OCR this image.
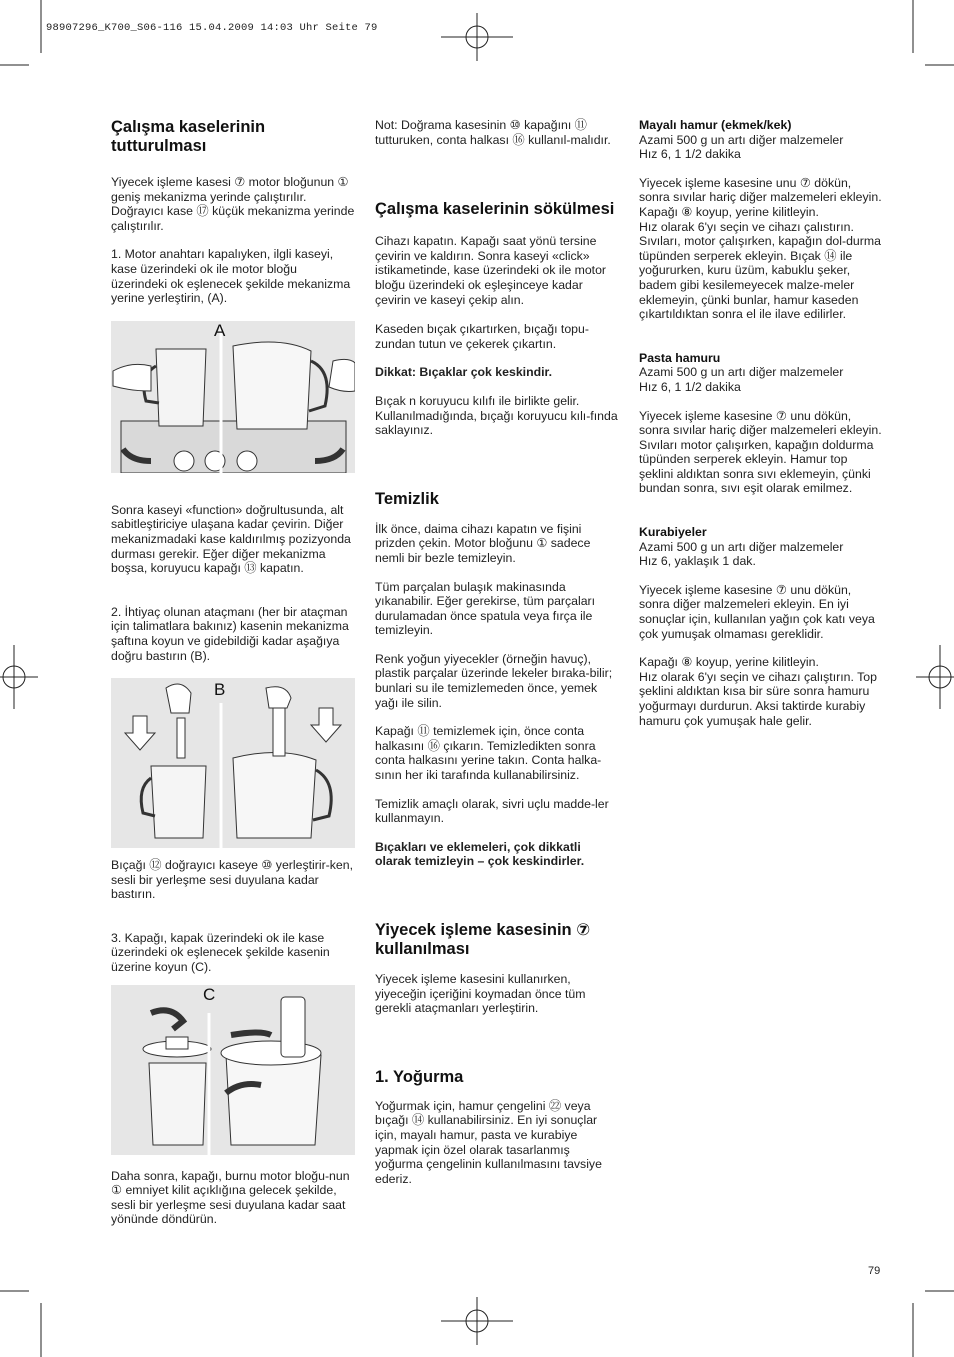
98907296_K700_S06-116 15.04.2009 14:03 Uhr Seite 79
Çalışma kaselerinin tutturulması

Yiyecek işleme kasesi ⑦ motor bloğunun ① geniş mekanizma yerinde çalıştırılır. Doğrayıcı kase ⑰ küçük mekanizma yerinde çalıştırılır.

1. Motor anahtarı kapalıyken, ilgli kaseyi, kase üzerindeki ok ile motor bloğu üzerindeki ok eşlenecek şekilde mekanizma yerine yerleştirin, (A).

A

Sonra kaseyi «function» doğrultusunda, alt sabitleştiriciye ulaşana kadar çevirin. Diğer mekanizmadaki kase kaldırılmış pozizyonda durması gerekir. Eğer diğer mekanizma boşsa, koruyucu kapağı ⑬ kapatın.

2. İhtiyaç olunan ataçmanı (her bir ataçman için talimatlara bakınız) kasenin mekanizma şaftına koyun ve gidebildiği kadar aşağıya doğru bastırın (B).

B

Bıçağı ⑫ doğrayıcı kaseye ⑩ yerleştirir-ken, sesli bir yerleşme sesi duyulana kadar bastırın.

3. Kapağı, kapak üzerindeki ok ile kase üzerindeki ok eşlenecek şekilde kasenin üzerine koyun (C).

C

Daha sonra, kapağı, burnu motor bloğu-nun ① emniyet kilit açıklığına gelecek şekilde, sesli bir yerleşme sesi duyulana kadar saat yönünde döndürün.

Not: Doğrama kasesinin ⑩ kapağını ⑪ tutturuken, conta halkası ⑯ kullanıl-malıdır.

Çalışma kaselerinin sökülmesi

Cihazı kapatın. Kapağı saat yönü tersine çevirin ve kaldırın. Sonra kaseyi «click» istikametinde, kase üzerindeki ok ile motor bloğu üzerindeki ok eşleşinceye kadar çevirin ve kaseyi çekip alın.

Kaseden bıçak çıkartırken, bıçağı topu-zundan tutun ve çekerek çıkartın.

Dikkat: Bıçaklar çok keskindir.

Bıçak n koruyucu kılıfı ile birlikte gelir. Kullanılmadığında, bıçağı koruyucu kılı-fında saklayınız.

Temizlik

İlk önce, daima cihazı kapatın ve fişini prizden çekin. Motor bloğunu ① sadece nemli bir bezle temizleyin.

Tüm parçalan bulaşık makinasında yıkanabilir. Eğer gerekirse, tüm parçaları durulamadan önce spatula veya fırça ile temizleyin.

Renk yoğun yiyecekler (örneğin havuç), plastik parçalar üzerinde lekeler bıraka-bilir; bunlari su ile temizlemeden önce, yemek yağı ile silin.

Kapağı ⑪ temizlemek için, önce conta halkasını ⑯ çıkarın. Temizledikten sonra conta halkasını yerine takın. Conta halka-sının her iki tarafında kullanabilirsiniz.

Temizlik amaçlı olarak, sivri uçlu madde-ler kullanmayın.

Bıçakları ve eklemeleri, çok dikkatli olarak temizleyin – çok keskindirler.

Yiyecek işleme kasesinin ⑦ kullanılması

Yiyecek işleme kasesini kullanırken, yiyeceğin içeriğini koymadan önce tüm gerekli ataçmanları yerleştirin.

1. Yoğurma

Yoğurmak için, hamur çengelini ㉒ veya bıçağı ⑭ kullanabilirsiniz. En iyi sonuçlar için, mayalı hamur, pasta ve kurabiye yapmak için özel olarak tasarlanmış yoğurma çengelinin kullanılmasını tavsiye ederiz.

Mayalı hamur (ekmek/kek)

Azami 500 g un artı diğer malzemeler

Hız 6, 1 1/2 dakika

Yiyecek işleme kasesine unu ⑦ dökün, sonra sıvılar hariç diğer malzemeleri ekleyin.
Kapağı ⑧ koyup, yerine kilitleyin.
Hız olarak 6'yı seçin ve cihazı çalıstırın. Sıvıları, motor çalışırken, kapağın dol-durma tüpünden serperek ekleyin. Bıçak ⑭ ile yoğururken, kuru üzüm, kabuklu şeker, badem gibi kesilemeyecek malze-meler eklemeyin, çünki bunlar, hamur kaseden çıkartıldıktan sonra el ile ilave edilirler.

Pasta hamuru

Azami 500 g un artı diğer malzemeler

Hız 6, 1 1/2 dakika

Yiyecek işleme kasesine ⑦ unu dökün, sonra sıvılar hariç diğer malzemeleri ekleyin.
Sıvıları motor çalışırken, kapağın doldurma tüpünden serperek ekleyin. Hamur top şeklini aldıktan sonra sıvı eklemeyin, çünki bundan sonra, sıvı eşit olarak emilmez.

Kurabiyeler

Azami 500 g un artı diğer malzemeler

Hız 6, yaklaşık 1 dak.

Yiyecek işleme kasesine ⑦ unu dökün, sonra diğer malzemeleri ekleyin. En iyi sonuçlar için, kullanılan yağın çok katı veya çok yumuşak olmaması gereklidir.

Kapağı ⑧ koyup, yerine kilitleyin.
Hız olarak 6'yı seçin ve cihazı çalıştırın. Top şeklini aldıktan kısa bir süre sonra hamuru yoğurmayı durdurun. Aksi taktirde kurabiy hamuru çok yumuşak hale gelir.

79
